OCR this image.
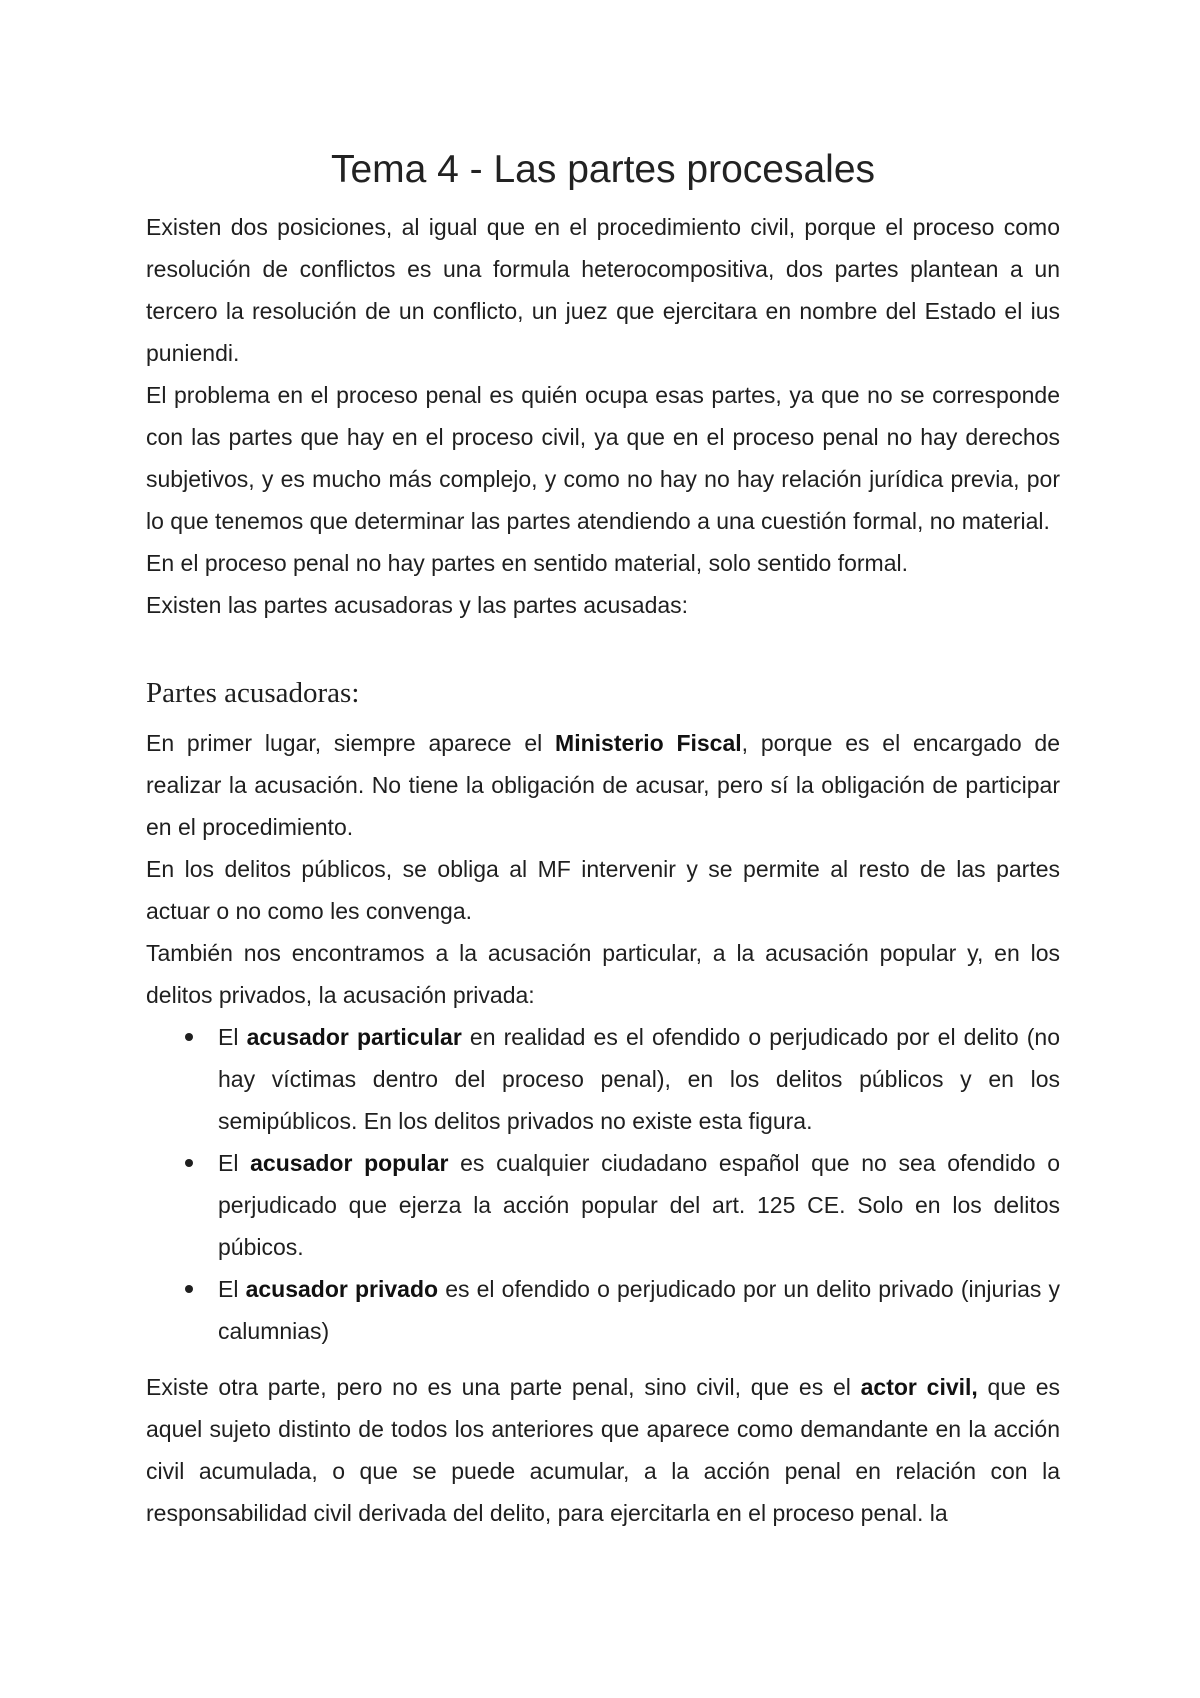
Tema 4 - Las partes procesales

Existen dos posiciones, al igual que en el procedimiento civil, porque el proceso como resolución de conflictos es una formula heterocompositiva, dos partes plantean a un tercero la resolución de un conflicto, un juez que ejercitara en nombre del Estado el ius puniendi.

El problema en el proceso penal es quién ocupa esas partes, ya que no se corresponde con las partes que hay en el proceso civil, ya que en el proceso penal no hay derechos subjetivos, y es mucho más complejo, y como no hay no hay relación jurídica previa, por lo que tenemos que determinar las partes atendiendo a una cuestión formal, no material.

En el proceso penal no hay partes en sentido material, solo sentido formal.

Existen las partes acusadoras y las partes acusadas:

Partes acusadoras:

En primer lugar, siempre aparece el Ministerio Fiscal, porque es el encargado de realizar la acusación. No tiene la obligación de acusar, pero sí la obligación de participar en el procedimiento.

En los delitos públicos, se obliga al MF intervenir y se permite al resto de las partes actuar o no como les convenga.

También nos encontramos a la acusación particular, a la acusación popular y, en los delitos privados, la acusación privada:

El acusador particular en realidad es el ofendido o perjudicado por el delito (no hay víctimas dentro del proceso penal), en los delitos públicos y en los semipúblicos. En los delitos privados no existe esta figura.
El acusador popular es cualquier ciudadano español que no sea ofendido o perjudicado que ejerza la acción popular del art. 125 CE. Solo en los delitos púbicos.
El acusador privado es el ofendido o perjudicado por un delito privado (injurias y calumnias)

Existe otra parte, pero no es una parte penal, sino civil, que es el actor civil, que es aquel sujeto distinto de todos los anteriores que aparece como demandante en la acción civil acumulada, o que se puede acumular, a la acción penal en relación con la responsabilidad civil derivada del delito, para ejercitarla en el proceso penal. la
